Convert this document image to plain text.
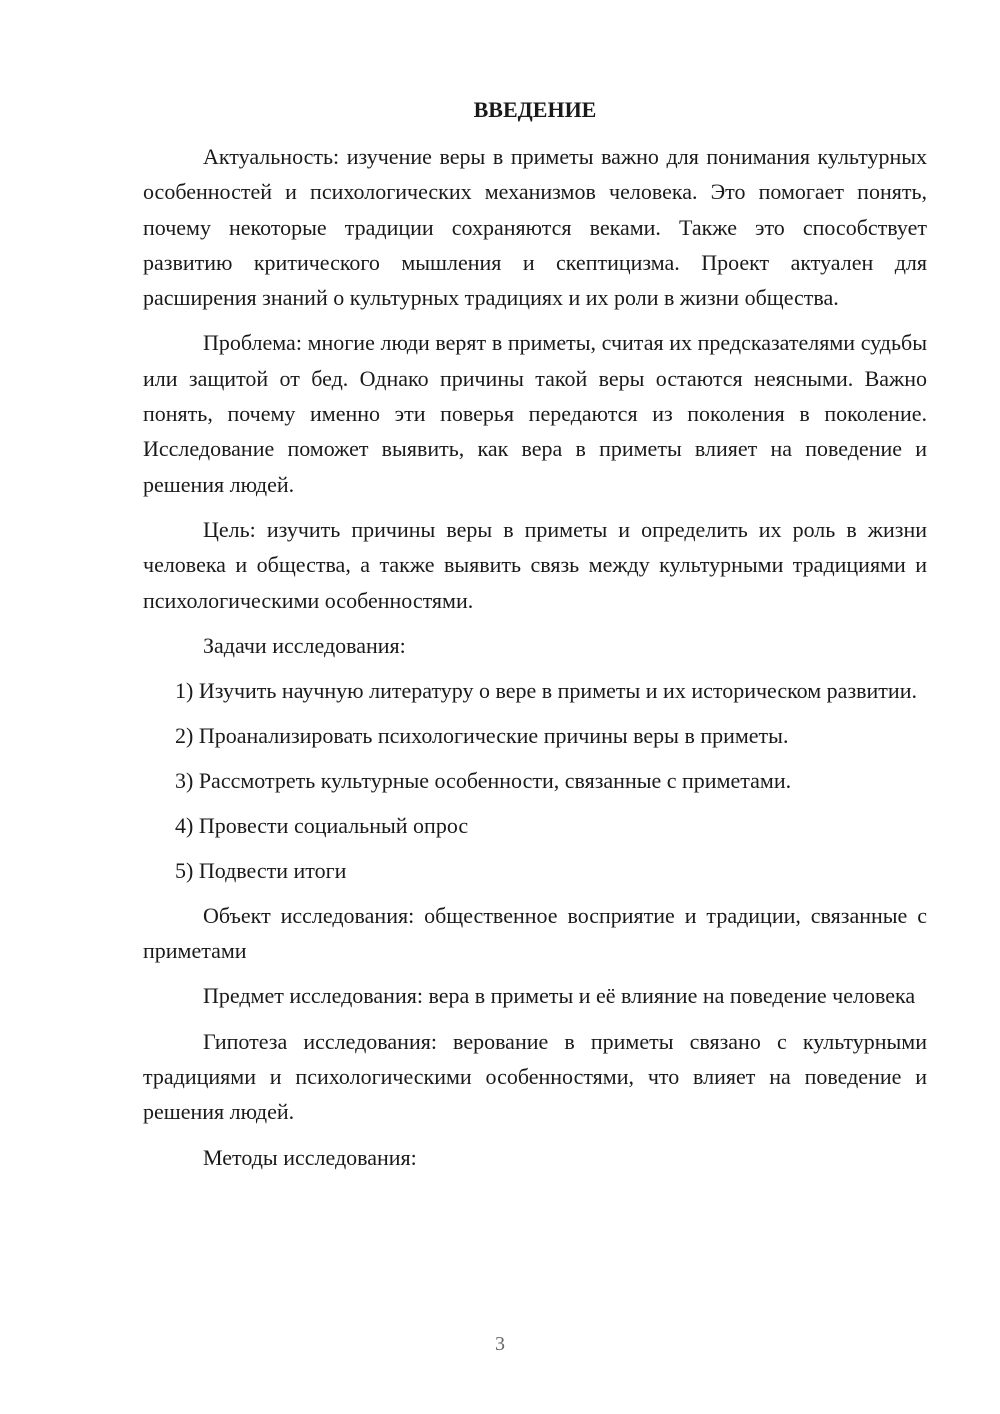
ВВЕДЕНИЕ

Актуальность: изучение веры в приметы важно для понимания культурных особенностей и психологических механизмов человека. Это помогает понять, почему некоторые традиции сохраняются веками. Также это способствует развитию критического мышления и скептицизма. Проект актуален для расширения знаний о культурных традициях и их роли в жизни общества.

Проблема: многие люди верят в приметы, считая их предсказателями судьбы или защитой от бед. Однако причины такой веры остаются неясными. Важно понять, почему именно эти поверья передаются из поколения в поколение. Исследование поможет выявить, как вера в приметы влияет на поведение и решения людей.

Цель: изучить причины веры в приметы и определить их роль в жизни человека и общества, а также выявить связь между культурными традициями и психологическими особенностями.

Задачи исследования:

1) Изучить научную литературу о вере в приметы и их историческом развитии.

2) Проанализировать психологические причины веры в приметы.

3) Рассмотреть культурные особенности, связанные с приметами.

4) Провести социальный опрос

5) Подвести итоги

Объект исследования: общественное восприятие и традиции, связанные с приметами

Предмет исследования: вера в приметы и её влияние на поведение человека

Гипотеза исследования: верование в приметы связано с культурными традициями и психологическими особенностями, что влияет на поведение и решения людей.

Методы исследования:

3
